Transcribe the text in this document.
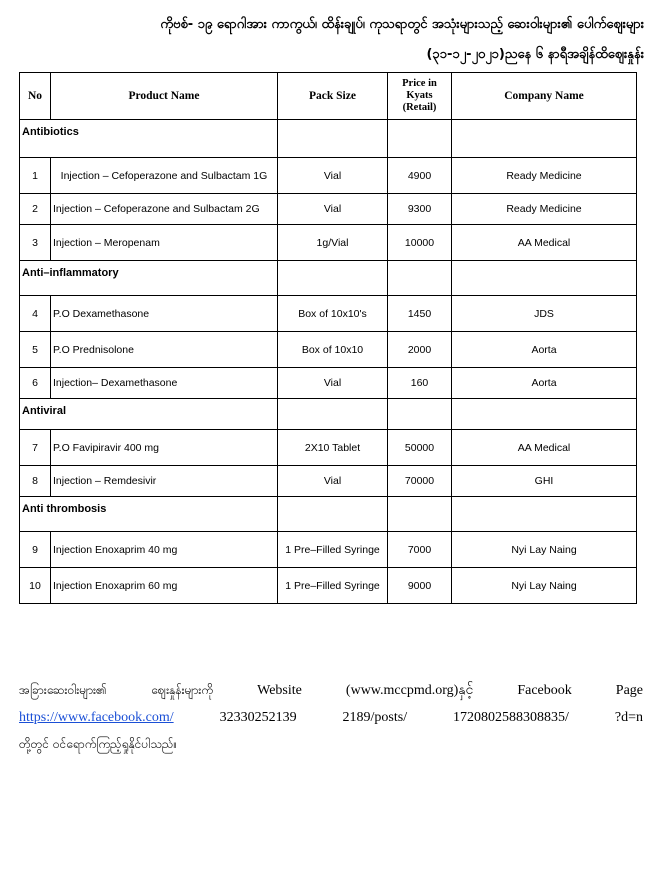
ကိုဗစ်- ၁၉ ရောဂါအား ကာကွယ်၊ ထိန်းချုပ်၊ ကုသရာတွင် အသုံးများသည့် ဆေးဝါးများ၏ ပေါက်ဈေးများ
(၃၁-၁၂-၂၀၂၁)ညနေ ၆ နာရီအချိန်ထိဈေးနှုန်း
No	Product Name	Pack Size	Price in Kyats (Retail)	Company Name
Antibiotics				
1	Injection – Cefoperazone and Sulbactam 1G	Vial	4900	Ready Medicine
2	Injection – Cefoperazone and Sulbactam 2G	Vial	9300	Ready Medicine
3	Injection – Meropenam	1g/Vial	10000	AA Medical
Anti–inflammatory				
4	P.O Dexamethasone	Box of 10x10's	1450	JDS
5	P.O Prednisolone	Box of 10x10	2000	Aorta
6	Injection– Dexamethasone	Vial	160	Aorta
Antiviral				
7	P.O Favipiravir 400 mg	2X10 Tablet	50000	AA Medical
8	Injection – Remdesivir	Vial	70000	GHI
Anti thrombosis				
9	Injection Enoxaprim 40 mg	1 Pre–Filled Syringe	7000	Nyi Lay Naing
10	Injection Enoxaprim 60 mg	1 Pre–Filled Syringe	9000	Nyi Lay Naing
အခြားဆေးဝါးများ၏ ဈေးနှုန်းများကို	Website (www.mccpmd.org)နှင့် Facebook Page
https://www.facebook.com/	32330252139 2189/posts/ 1720802588308835/ ?d=n
တို့တွင် ဝင်ရောက်ကြည့်ရှုနိုင်ပါသည်။
